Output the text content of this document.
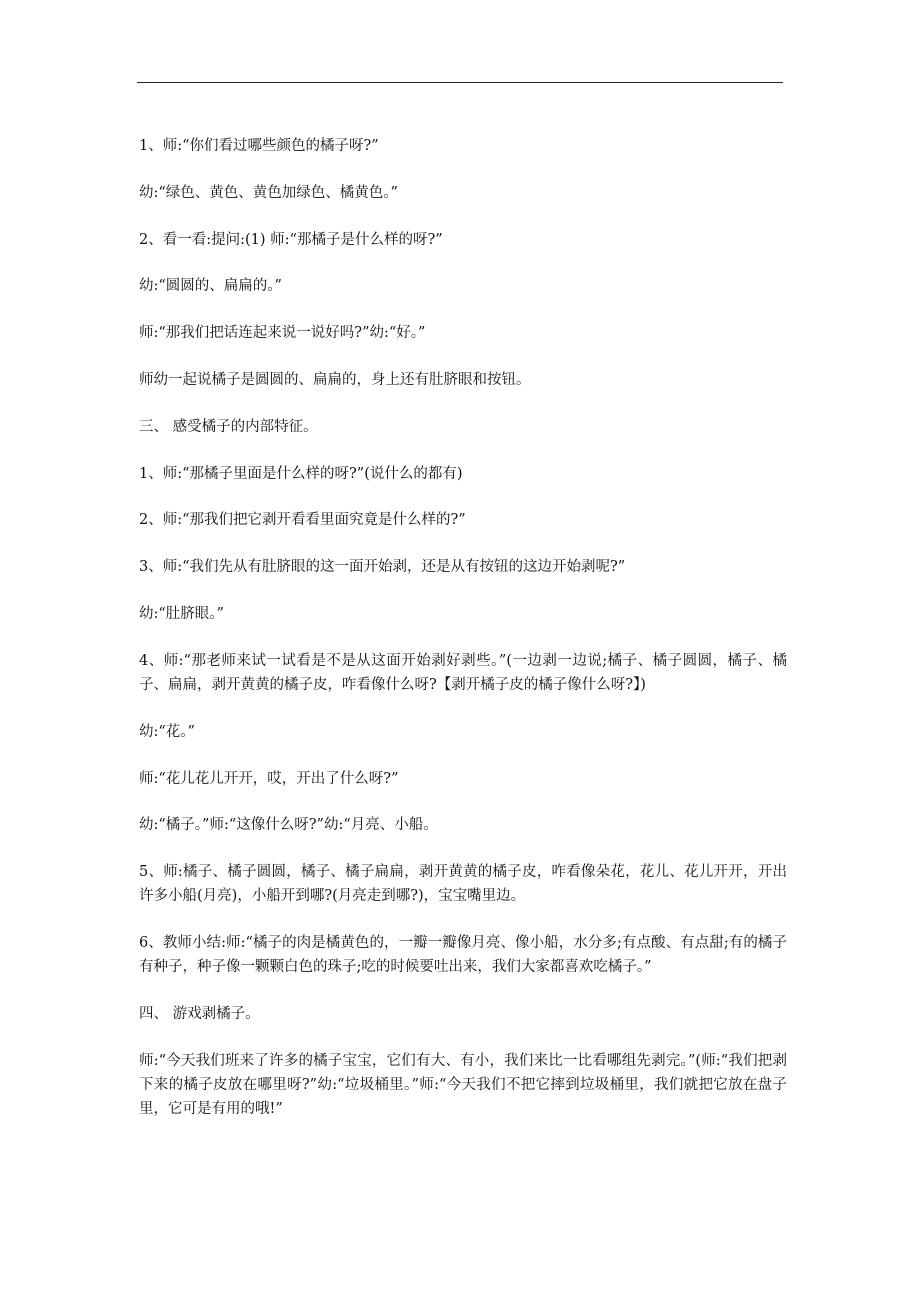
1、师:“你们看过哪些颜色的橘子呀?”

幼:“绿色、黄色、黄色加绿色、橘黄色。”

2、看一看:提问:(1) 师:“那橘子是什么样的呀?”

幼:“圆圆的、扁扁的。”

师:“那我们把话连起来说一说好吗?”幼:“好。”

师幼一起说橘子是圆圆的、扁扁的，身上还有肚脐眼和按钮。

三、 感受橘子的内部特征。

1、师:“那橘子里面是什么样的呀?”(说什么的都有)

2、师:“那我们把它剥开看看里面究竟是什么样的?”

3、师:“我们先从有肚脐眼的这一面开始剥，还是从有按钮的这边开始剥呢?”

幼:“肚脐眼。”

4、师:“那老师来试一试看是不是从这面开始剥好剥些。”(一边剥一边说;橘子、橘子圆圆，橘子、橘子、扁扁，剥开黄黄的橘子皮，咋看像什么呀?【剥开橘子皮的橘子像什么呀?】)

幼:“花。”

师:“花儿花儿开开，哎，开出了什么呀?”

幼:“橘子。”师:“这像什么呀?”幼:“月亮、小船。

5、师:橘子、橘子圆圆，橘子、橘子扁扁，剥开黄黄的橘子皮，咋看像朵花，花儿、花儿开开，开出许多小船(月亮)，小船开到哪?(月亮走到哪?)，宝宝嘴里边。

6、教师小结:师:“橘子的肉是橘黄色的，一瓣一瓣像月亮、像小船，水分多;有点酸、有点甜;有的橘子有种子，种子像一颗颗白色的珠子;吃的时候要吐出来，我们大家都喜欢吃橘子。”

四、 游戏剥橘子。

师:“今天我们班来了许多的橘子宝宝，它们有大、有小，我们来比一比看哪组先剥完。”(师:“我们把剥下来的橘子皮放在哪里呀?”幼:“垃圾桶里。”师:“今天我们不把它摔到垃圾桶里，我们就把它放在盘子里，它可是有用的哦!”
